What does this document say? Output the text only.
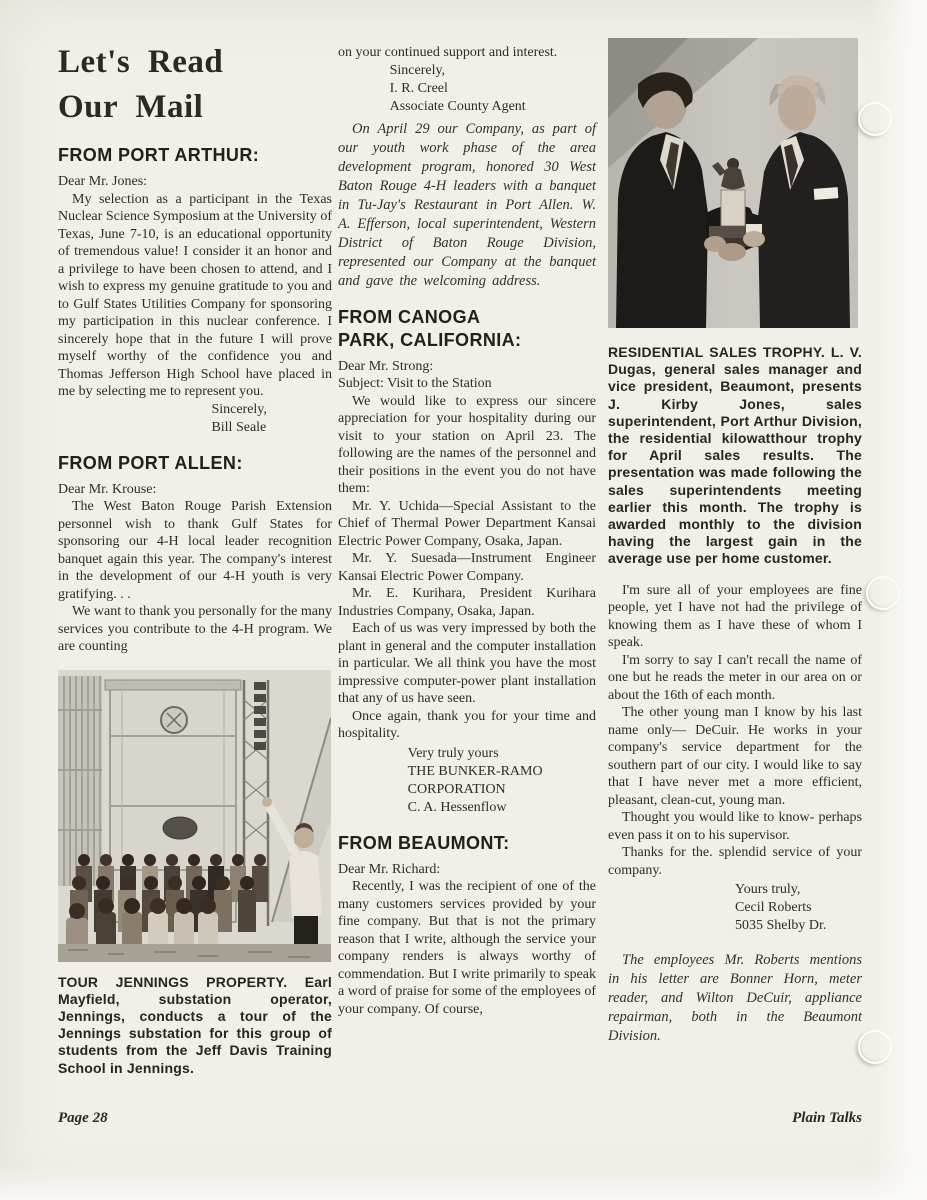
Let's Read
Our Mail
FROM PORT ARTHUR:

Dear Mr. Jones:

My selection as a participant in the Texas Nuclear Science Symposium at the University of Texas, June 7-10, is an educational opportunity of tremendous value! I consider it an honor and a privilege to have been chosen to attend, and I wish to express my genuine gratitude to you and to Gulf States Utilities Company for sponsoring my participation in this nuclear conference. I sincerely hope that in the future I will prove myself worthy of the confidence you and Thomas Jefferson High School have placed in me by selecting me to represent you.

Sincerely,
Bill Seale
FROM PORT ALLEN:

Dear Mr. Krouse:

The West Baton Rouge Parish Extension personnel wish to thank Gulf States for sponsoring our 4-H local leader recognition banquet again this year. The company's interest in the development of our 4-H youth is very gratifying. . .

We want to thank you personally for the many services you contribute to the 4-H program. We are counting

TOUR JENNINGS PROPERTY. Earl Mayfield, substation operator, Jennings, conducts a tour of the Jennings substation for this group of students from the Jeff Davis Training School in Jennings.

on your continued support and interest.

Sincerely,
I. R. Creel
Associate County Agent

On April 29 our Company, as part of our youth work phase of the area development program, honored 30 West Baton Rouge 4-H leaders with a banquet in Tu-Jay's Restaurant in Port Allen. W. A. Efferson, local superintendent, Western District of Baton Rouge Division, represented our Company at the banquet and gave the welcoming address.

FROM CANOGA PARK, CALIFORNIA:

Dear Mr. Strong:

Subject: Visit to the Station

We would like to express our sincere appreciation for your hospitality during our visit to your station on April 23. The following are the names of the personnel and their positions in the event you do not have them:

Mr. Y. Uchida—Special Assistant to the Chief of Thermal Power Department Kansai Electric Power Company, Osaka, Japan.

Mr. Y. Suesada—Instrument Engineer Kansai Electric Power Company.

Mr. E. Kurihara, President Kurihara Industries Company, Osaka, Japan.

Each of us was very impressed by both the plant in general and the computer installation in particular. We all think you have the most impressive computer-power plant installation that any of us have seen.

Once again, thank you for your time and hospitality.

Very truly yours
THE BUNKER-RAMO
CORPORATION
C. A. Hessenflow
FROM BEAUMONT:

Dear Mr. Richard:

Recently, I was the recipient of one of the many customers services provided by your fine company. But that is not the primary reason that I write, although the service your company renders is always worthy of commendation. But I write primarily to speak a word of praise for some of the employees of your company. Of course,

RESIDENTIAL SALES TROPHY. L. V. Dugas, general sales manager and vice president, Beaumont, presents J. Kirby Jones, sales superintendent, Port Arthur Division, the residential kilowatthour trophy for April sales results. The presentation was made following the sales superintendents meeting earlier this month. The trophy is awarded monthly to the division having the largest gain in the average use per home customer.

I'm sure all of your employees are fine people, yet I have not had the privilege of knowing them as I have these of whom I speak.

I'm sorry to say I can't recall the name of one but he reads the meter in our area on or about the 16th of each month.

The other young man I know by his last name only— DeCuir. He works in your company's service department for the southern part of our city. I would like to say that I have never met a more efficient, pleasant, clean-cut, young man.

Thought you would like to know- perhaps even pass it on to his supervisor.

Thanks for the. splendid service of your company.

Yours truly,
Cecil Roberts
5035 Shelby Dr.

The employees Mr. Roberts mentions in his letter are Bonner Horn, meter reader, and Wilton DeCuir, appliance repairman, both in the Beaumont Division.

Page 28	Plain Talks
